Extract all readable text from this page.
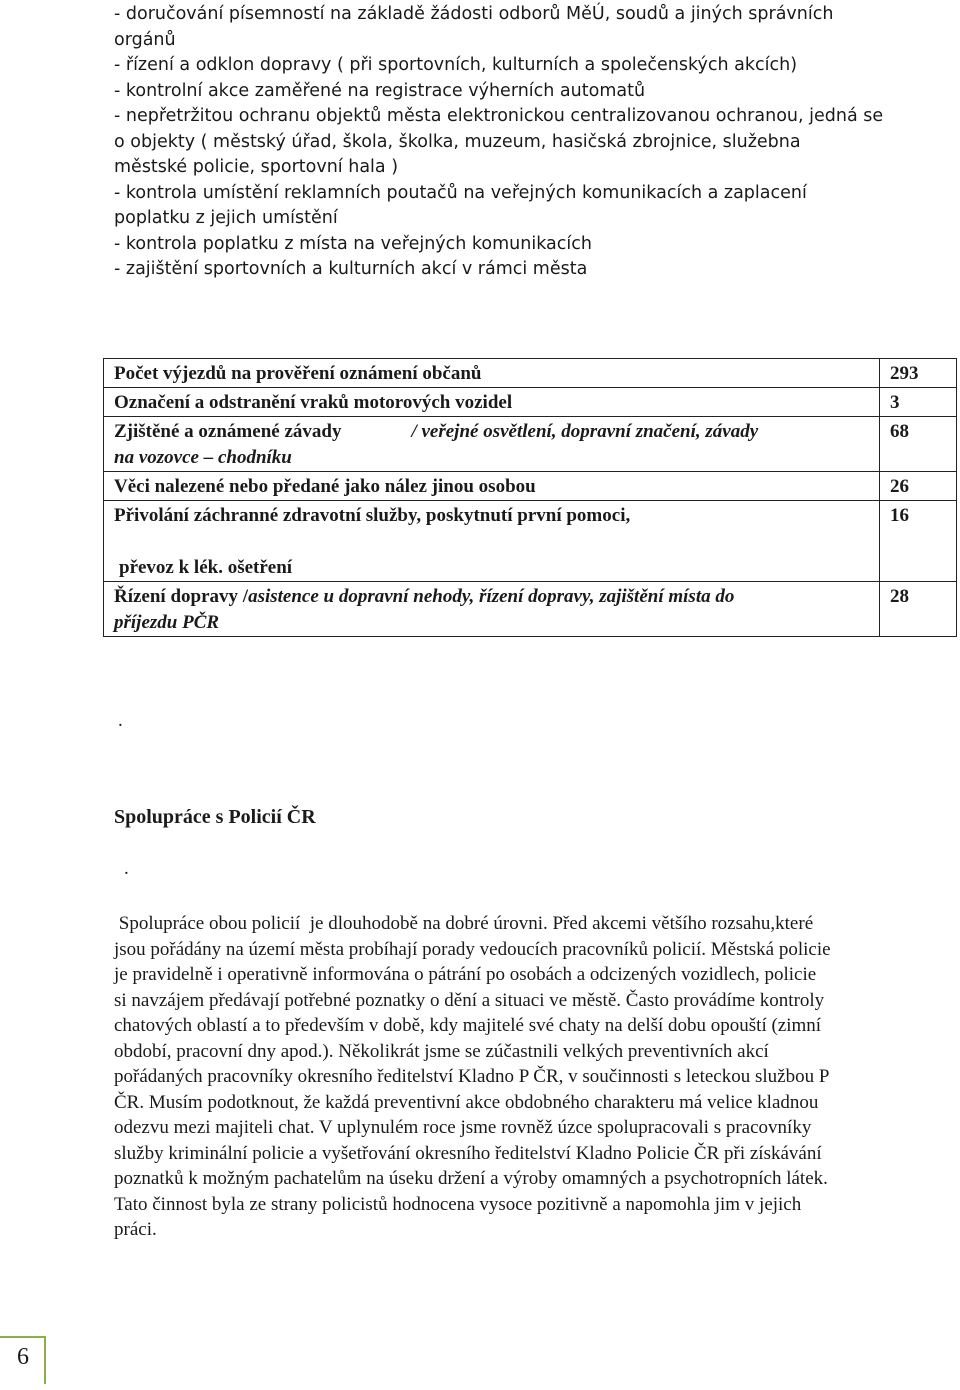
- doručování písemností na základě žádosti odborů MěÚ, soudů a jiných správních

orgánů

- řízení a odklon dopravy ( při sportovních, kulturních a společenských akcích)

- kontrolní akce zaměřené na registrace výherních automatů

- nepřetržitou ochranu objektů města elektronickou centralizovanou ochranou, jedná se

o objekty ( městský úřad, škola, školka, muzeum, hasičská zbrojnice, služebna

městské policie, sportovní hala )

- kontrola umístění reklamních poutačů na veřejných komunikacích a zaplacení

poplatku z jejich umístění

- kontrola poplatku z místa na veřejných komunikacích

- zajištění sportovních a kulturních akcí v rámci města

Počet výjezdů na prověření oznámení občanů	293
Označení a odstranění vraků motorových vozidel	3
Zjištěné a oznámené závady / veřejné osvětlení, dopravní značení, závady
na vozovce – chodníku	68
Věci nalezené nebo předané jako nález jinou osobou	26
Přivolání záchranné zdravotní služby, poskytnutí první pomoci,
převoz k lék. ošetření	16
Řízení dopravy /asistence u dopravní nehody, řízení dopravy, zajištění místa do
příjezdu PČR	28
.
Spolupráce s Policií ČR
.

Spolupráce obou policií  je dlouhodobě na dobré úrovni. Před akcemi většího rozsahu,které
jsou pořádány na území města probíhají porady vedoucích pracovníků policií. Městská policie
je pravidelně i operativně informována o pátrání po osobách a odcizených vozidlech, policie
si navzájem předávají potřebné poznatky o dění a situaci ve městě. Často provádíme kontroly
chatových oblastí a to především v době, kdy majitelé své chaty na delší dobu opouští (zimní
období, pracovní dny apod.). Několikrát jsme se zúčastnili velkých preventivních akcí
pořádaných pracovníky okresního ředitelství Kladno P ČR, v součinnosti s leteckou službou P
ČR. Musím podotknout, že každá preventivní akce obdobného charakteru má velice kladnou
odezvu mezi majiteli chat. V uplynulém roce jsme rovněž úzce spolupracovali s pracovníky
služby kriminální policie a vyšetřování okresního ředitelství Kladno Policie ČR při získávání
poznatků k možným pachatelům na úseku držení a výroby omamných a psychotropních látek.
Tato činnost byla ze strany policistů hodnocena vysoce pozitivně a napomohla jim v jejich
práci.

6
